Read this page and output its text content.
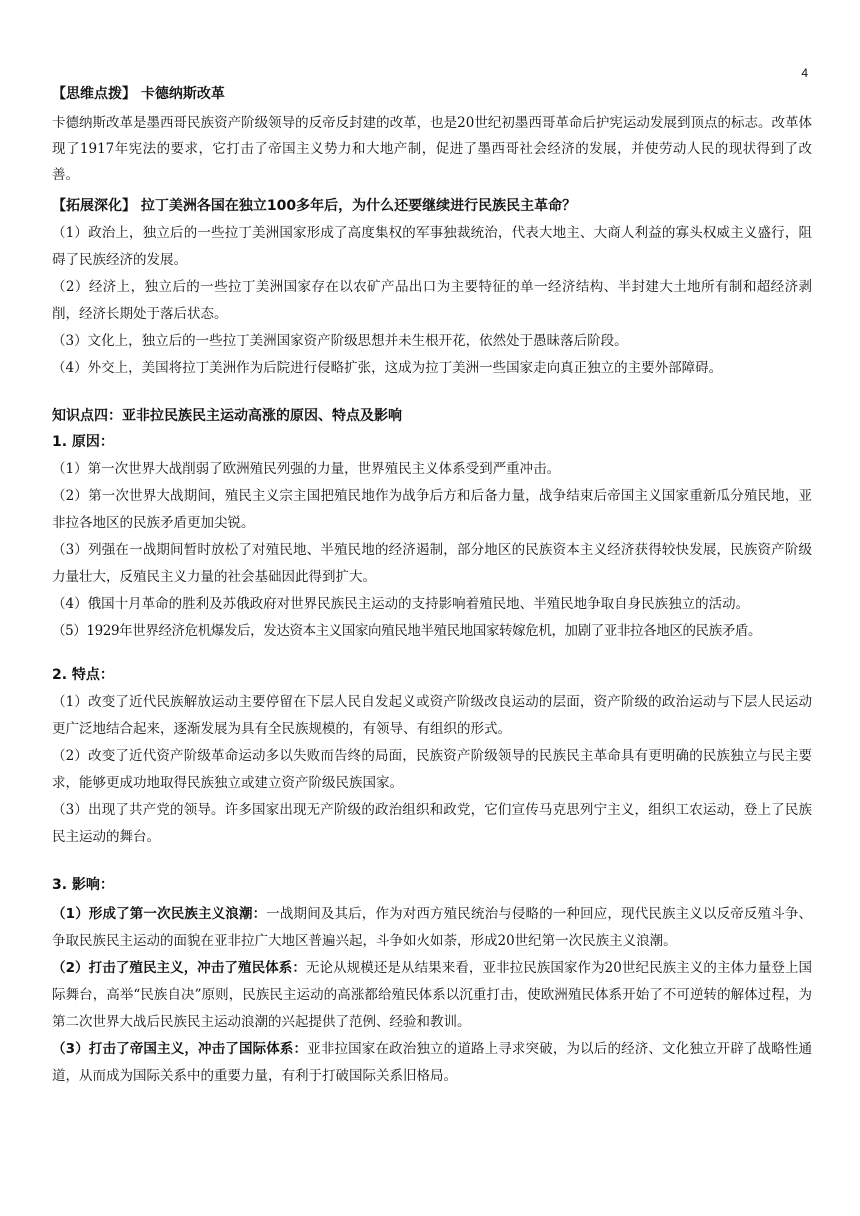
4

【思维点拨】 卡德纳斯改革

卡德纳斯改革是墨西哥民族资产阶级领导的反帝反封建的改革，也是20世纪初墨西哥革命后护宪运动发展到顶点的标志。改革体现了1917年宪法的要求，它打击了帝国主义势力和大地产制，促进了墨西哥社会经济的发展，并使劳动人民的现状得到了改善。

【拓展深化】 拉丁美洲各国在独立100多年后，为什么还要继续进行民族民主革命？

（1）政治上，独立后的一些拉丁美洲国家形成了高度集权的军事独裁统治，代表大地主、大商人利益的寡头权威主义盛行，阻碍了民族经济的发展。

（2）经济上，独立后的一些拉丁美洲国家存在以农矿产品出口为主要特征的单一经济结构、半封建大土地所有制和超经济剥削，经济长期处于落后状态。

（3）文化上，独立后的一些拉丁美洲国家资产阶级思想并未生根开花，依然处于愚昧落后阶段。

（4）外交上，美国将拉丁美洲作为后院进行侵略扩张，这成为拉丁美洲一些国家走向真正独立的主要外部障碍。

知识点四：亚非拉民族民主运动高涨的原因、特点及影响

1. 原因：

（1）第一次世界大战削弱了欧洲殖民列强的力量，世界殖民主义体系受到严重冲击。

（2）第一次世界大战期间，殖民主义宗主国把殖民地作为战争后方和后备力量，战争结束后帝国主义国家重新瓜分殖民地，亚非拉各地区的民族矛盾更加尖锐。

（3）列强在一战期间暂时放松了对殖民地、半殖民地的经济遏制，部分地区的民族资本主义经济获得较快发展，民族资产阶级力量壮大，反殖民主义力量的社会基础因此得到扩大。

（4）俄国十月革命的胜利及苏俄政府对世界民族民主运动的支持影响着殖民地、半殖民地争取自身民族独立的活动。

（5）1929年世界经济危机爆发后，发达资本主义国家向殖民地半殖民地国家转嫁危机，加剧了亚非拉各地区的民族矛盾。

2. 特点：

（1）改变了近代民族解放运动主要停留在下层人民自发起义或资产阶级改良运动的层面，资产阶级的政治运动与下层人民运动更广泛地结合起来，逐渐发展为具有全民族规模的，有领导、有组织的形式。

（2）改变了近代资产阶级革命运动多以失败而告终的局面，民族资产阶级领导的民族民主革命具有更明确的民族独立与民主要求，能够更成功地取得民族独立或建立资产阶级民族国家。

（3）出现了共产党的领导。许多国家出现无产阶级的政治组织和政党，它们宣传马克思列宁主义，组织工农运动，登上了民族民主运动的舞台。

3. 影响：

（1）形成了第一次民族主义浪潮：一战期间及其后，作为对西方殖民统治与侵略的一种回应，现代民族主义以反帝反殖斗争、争取民族民主运动的面貌在亚非拉广大地区普遍兴起，斗争如火如荼，形成20世纪第一次民族主义浪潮。

（2）打击了殖民主义，冲击了殖民体系：无论从规模还是从结果来看，亚非拉民族国家作为20世纪民族主义的主体力量登上国际舞台，高举“民族自决”原则，民族民主运动的高涨都给殖民体系以沉重打击，使欧洲殖民体系开始了不可逆转的解体过程，为第二次世界大战后民族民主运动浪潮的兴起提供了范例、经验和教训。

（3）打击了帝国主义，冲击了国际体系：亚非拉国家在政治独立的道路上寻求突破，为以后的经济、文化独立开辟了战略性通道，从而成为国际关系中的重要力量，有利于打破国际关系旧格局。
